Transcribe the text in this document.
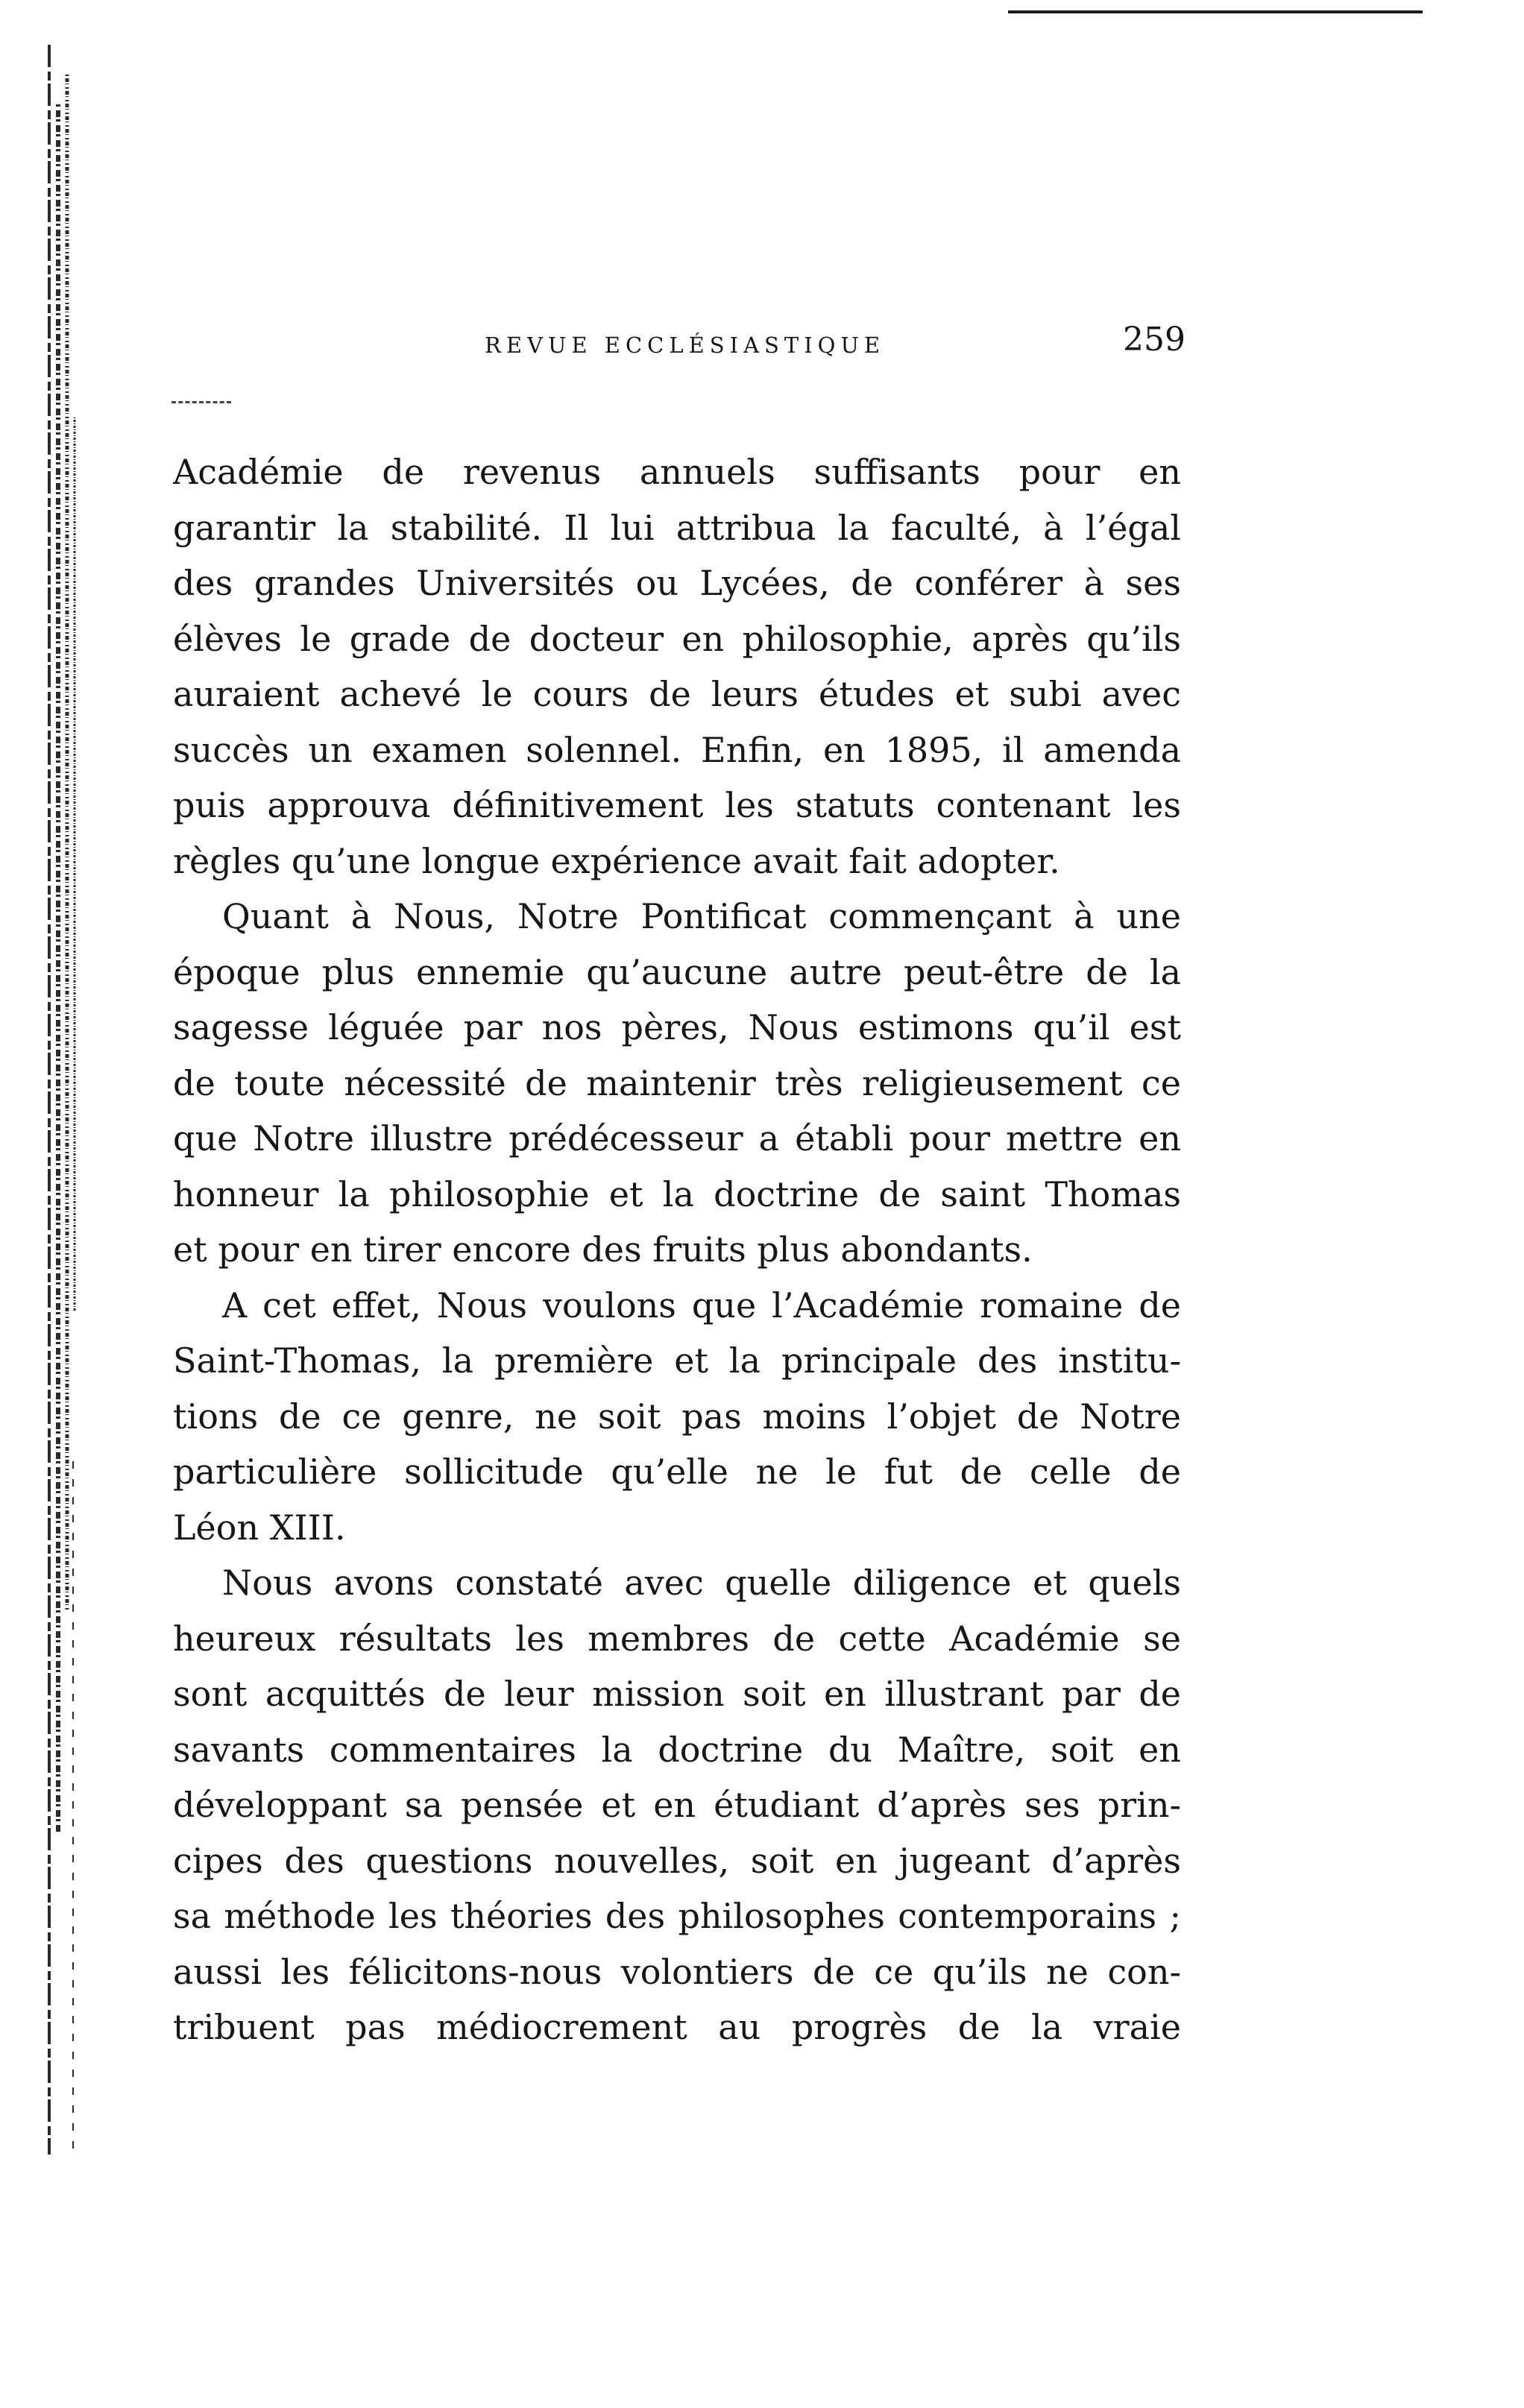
REVUE ECCLÉSIASTIQUE	259
Académie de revenus annuels suffisants pour en
garantir la stabilité. Il lui attribua la faculté, à l’égal
des grandes Universités ou Lycées, de conférer à ses
élèves le grade de docteur en philosophie, après qu’ils
auraient achevé le cours de leurs études et subi avec
succès un examen solennel. Enfin, en 1895, il amenda
puis approuva définitivement les statuts contenant les
règles qu’une longue expérience avait fait adopter.
Quant à Nous, Notre Pontificat commençant à une
époque plus ennemie qu’aucune autre peut-être de la
sagesse léguée par nos pères, Nous estimons qu’il est
de toute nécessité de maintenir très religieusement ce
que Notre illustre prédécesseur a établi pour mettre en
honneur la philosophie et la doctrine de saint Thomas
et pour en tirer encore des fruits plus abondants.
A cet effet, Nous voulons que l’Académie romaine de
Saint-Thomas, la première et la principale des institu-
tions de ce genre, ne soit pas moins l’objet de Notre
particulière sollicitude qu’elle ne le fut de celle de
Léon XIII.
Nous avons constaté avec quelle diligence et quels
heureux résultats les membres de cette Académie se
sont acquittés de leur mission soit en illustrant par de
savants commentaires la doctrine du Maître, soit en
développant sa pensée et en étudiant d’après ses prin-
cipes des questions nouvelles, soit en jugeant d’après
sa méthode les théories des philosophes contemporains ;
aussi les félicitons-nous volontiers de ce qu’ils ne con-
tribuent pas médiocrement au progrès de la vraie
